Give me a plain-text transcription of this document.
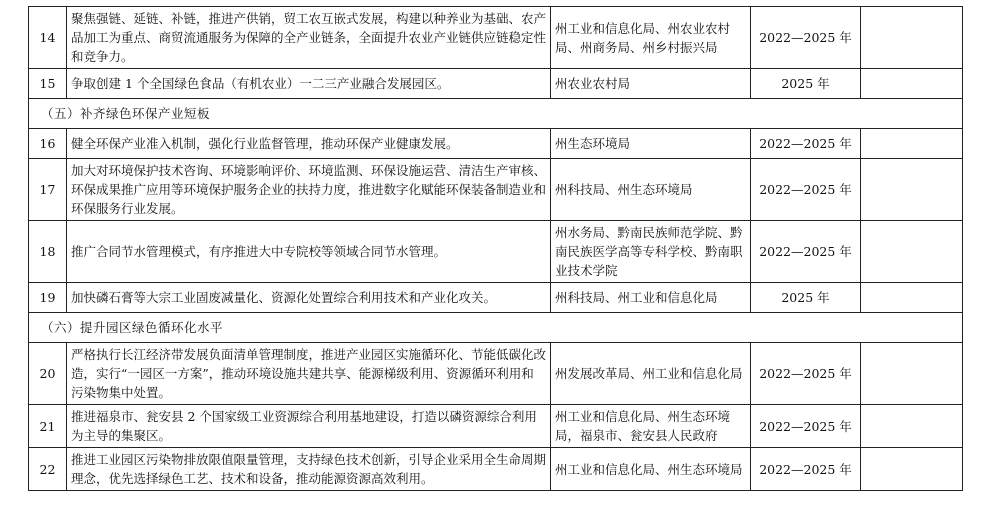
14	聚焦强链、延链、补链，推进产供销，贸工农互嵌式发展，构建以种养业为基础、农产品加工为重点、商贸流通服务为保障的全产业链条，全面提升农业产业链供应链稳定性和竞争力。	州工业和信息化局、州农业农村局、州商务局、州乡村振兴局	2022—2025 年	
15	争取创建 1 个全国绿色食品（有机农业）一二三产业融合发展园区。	州农业农村局	2025 年	
（五）补齐绿色环保产业短板				
16	健全环保产业准入机制，强化行业监督管理，推动环保产业健康发展。	州生态环境局	2022—2025 年	
17	加大对环境保护技术咨询、环境影响评价、环境监测、环保设施运营、清洁生产审核、环保成果推广应用等环境保护服务企业的扶持力度，推进数字化赋能环保装备制造业和环保服务行业发展。	州科技局、州生态环境局	2022—2025 年	
18	推广合同节水管理模式，有序推进大中专院校等领域合同节水管理。	州水务局、黔南民族师范学院、黔南民族医学高等专科学校、黔南职业技术学院	2022—2025 年	
19	加快磷石膏等大宗工业固废减量化、资源化处置综合利用技术和产业化攻关。	州科技局、州工业和信息化局	2025 年	
（六）提升园区绿色循环化水平				
20	严格执行长江经济带发展负面清单管理制度，推进产业园区实施循环化、节能低碳化改造，实行“一园区一方案”，推动环境设施共建共享、能源梯级利用、资源循环利用和污染物集中处置。	州发展改革局、州工业和信息化局	2022—2025 年	
21	推进福泉市、瓮安县 2 个国家级工业资源综合利用基地建设，打造以磷资源综合利用为主导的集聚区。	州工业和信息化局、州生态环境局，福泉市、瓮安县人民政府	2022—2025 年	
22	推进工业园区污染物排放限值限量管理，支持绿色技术创新，引导企业采用全生命周期理念，优先选择绿色工艺、技术和设备，推动能源资源高效利用。	州工业和信息化局、州生态环境局	2022—2025 年	
